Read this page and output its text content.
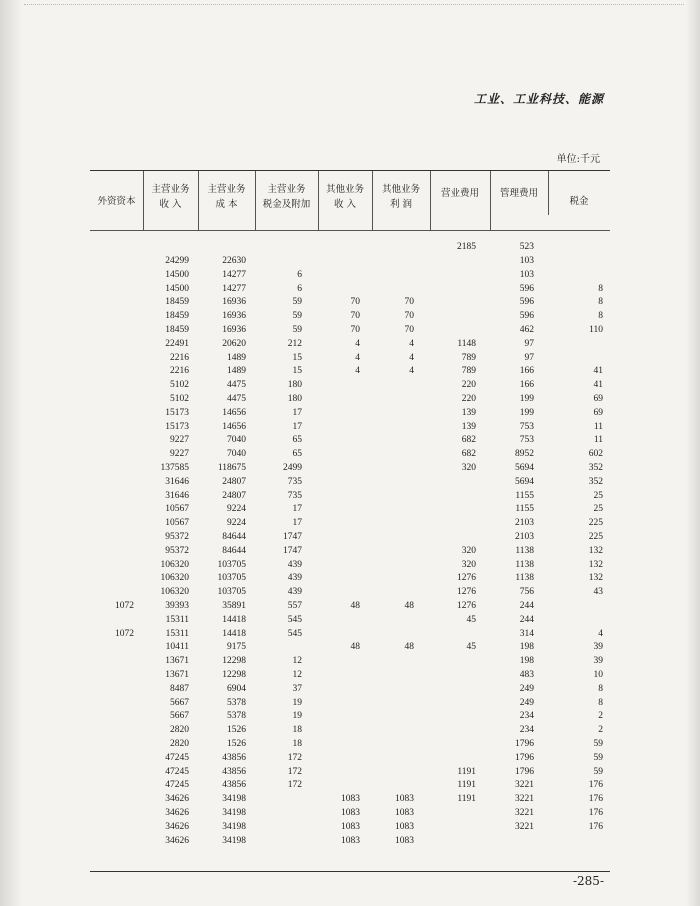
工业、工业科技、能源
单位:千元
外资资本
主营业务
收 入
主营业务
成 本
主营业务
税金及附加
其他业务
收 入
其他业务
利 润
营业费用	管理费用
税金
1072
1072
24299
14500
14500
18459
18459
18459
22491
2216
2216
5102
5102
15173
15173
9227
9227
137585
31646
31646
10567
10567
95372
95372
106320
106320
106320
39393
15311
15311
10411
13671
13671
8487
5667
5667
2820
2820
47245
47245
47245
34626
34626
34626
34626
22630
14277
14277
16936
16936
16936
20620
1489
1489
4475
4475
14656
14656
7040
7040
118675
24807
24807
9224
9224
84644
84644
103705
103705
103705
35891
14418
14418
9175
12298
12298
6904
5378
5378
1526
1526
43856
43856
43856
34198
34198
34198
34198
6
6
59
59
59
212
15
15
180
180
17
17
65
65
2499
735
735
17
17
1747
1747
439
439
439
557
545
545
12
12
37
19
19
18
18
172
172
172
70
70
70
4
4
4
48
48
1083
1083
1083
1083
70
70
70
4
4
4
48
48
1083
1083
1083
1083
2185
1148
789
789
220
220
139
139
682
682
320
320
320
1276
1276
1276
45
45
1191
1191
1191
523
103
103
596
596
596
462
97
97
166
166
199
199
753
753
8952
5694
5694
1155
1155
2103
2103
1138
1138
1138
756
244
244
314
198
198
483
249
249
234
234
1796
1796
1796
3221
3221
3221
3221
8
8
8
110
41
41
69
69
11
11
602
352
352
25
25
225
225
132
132
132
43
4
39
39
10
8
8
2
2
59
59
59
176
176
176
176
-285-
